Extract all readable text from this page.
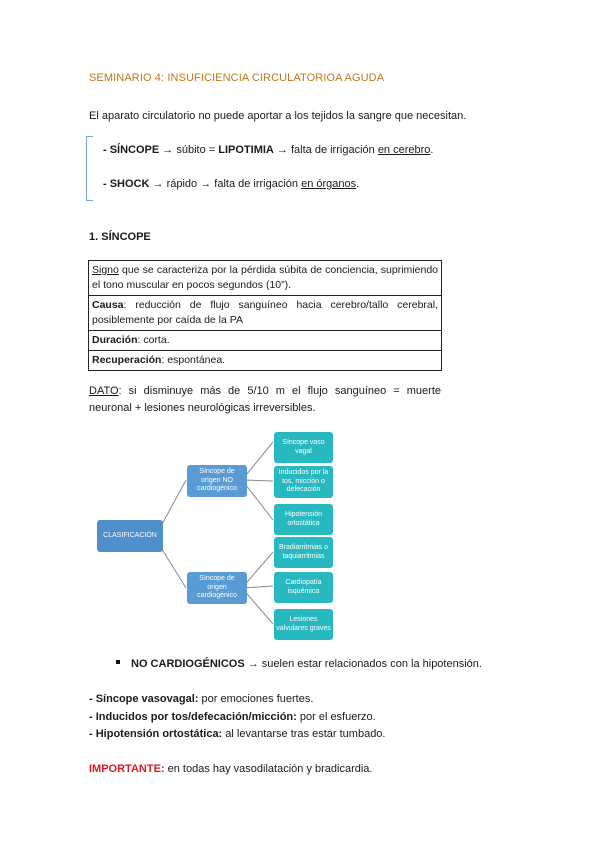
SEMINARIO 4: INSUFICIENCIA CIRCULATORIOA AGUDA
El aparato circulatorio no puede aportar a los tejidos la sangre que necesitan.
- SÍNCOPE → súbito = LIPOTIMIA → falta de irrigación en cerebro.
- SHOCK → rápido → falta de irrigación en órganos.
1. SÍNCOPE
Signo que se caracteriza por la pérdida súbita de conciencia, suprimiendo el tono muscular en pocos segundos (10”).
Causa: reducción de flujo sanguíneo hacia cerebro/tallo cerebral, posiblemente por caída de la PA
Duración: corta.
Recuperación: espontánea.
DATO: si disminuye más de 5/10 m el flujo sanguíneo = muerte neuronal + lesiones neurológicas irreversibles.
CLASIFICACIÓN
Síncope de origen NO cardiogénico
Síncope de origen cardiogénico
Síncope vaso vagal
Inducidos por la tos, micción o defecación
Hipotensión ortostática
Bradiarritmias o taquiarritmias
Cardiopatía isquémica
Lesiones valvulares graves
NO CARDIOGÉNICOS → suelen estar relacionados con la hipotensión.
- Síncope vasovagal: por emociones fuertes.
- Inducidos por tos/defecación/micción: por el esfuerzo.
- Hipotensión ortostática: al levantarse tras estar tumbado.
IMPORTANTE: en todas hay vasodilatación y bradicardia.
